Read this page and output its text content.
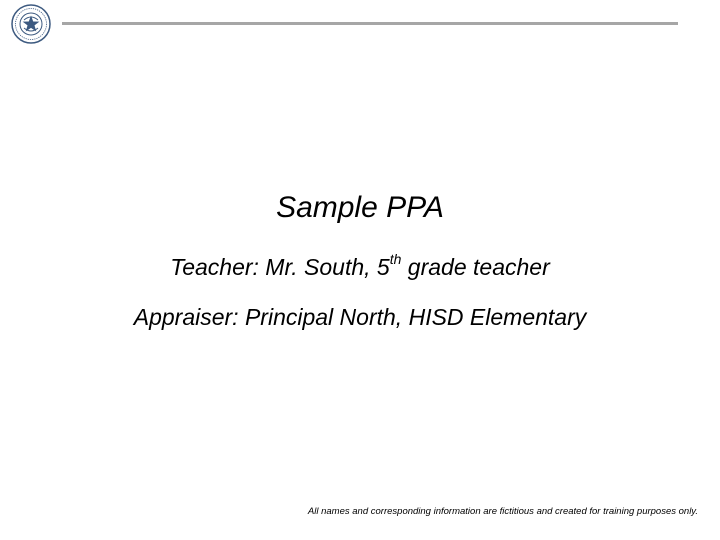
Sample PPA
Teacher: Mr. South, 5th grade teacher
Appraiser: Principal North, HISD Elementary
All names and corresponding information are fictitious and created for training purposes only.
